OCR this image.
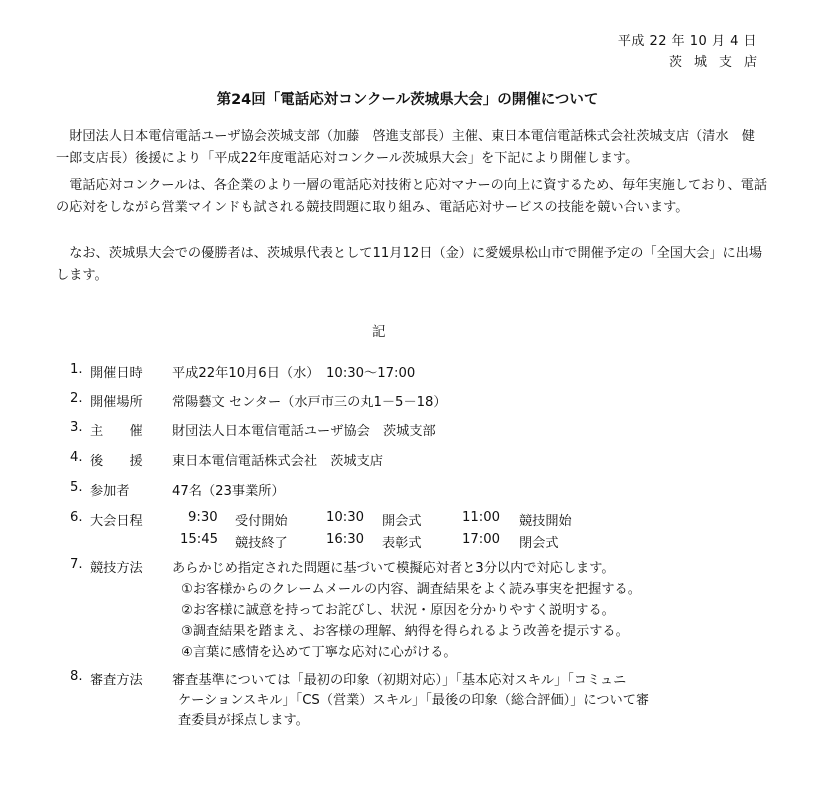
平成 22 年 10 月 4 日
茨城支店
第24回「電話応対コンクール茨城県大会」の開催について

財団法人日本電信電話ユーザ協会茨城支部（加藤　啓進支部長）主催、東日本電信電話株式会社茨城支店（清水　健一郎支店長）後援により「平成22年度電話応対コンクール茨城県大会」を下記により開催します。

電話応対コンクールは、各企業のより一層の電話応対技術と応対マナーの向上に資するため、毎年実施しており、電話の応対をしながら営業マインドも試される競技問題に取り組み、電話応対サービスの技能を競い合います。

なお、茨城県大会での優勝者は、茨城県代表として11月12日（金）に愛媛県松山市で開催予定の「全国大会」に出場します。

記
1. 開催日時 平成22年10月6日（水）　10:30～17:00
2. 開催場所 常陽藝文 センター（水戸市三の丸1－5－18）
3. 主　　催 財団法人日本電信電話ユーザ協会　茨城支部
4. 後　　援 東日本電信電話株式会社　茨城支店
5. 参加者	47名（23事業所）
6. 大会日程	9:30 受付開始	10:30 開会式	11:00 競技開始
15:45 競技終了	16:30 表彰式	17:00 閉会式
7. 競技方法 あらかじめ指定された問題に基づいて模擬応対者と3分以内で対応します。
①お客様からのクレームメールの内容、調査結果をよく読み事実を把握する。
②お客様に誠意を持ってお詫びし、状況・原因を分かりやすく説明する。
③調査結果を踏まえ、お客様の理解、納得を得られるよう改善を提示する。
④言葉に感情を込めて丁寧な応対に心がける。
8. 審査方法 審査基準については「最初の印象（初期対応）」「基本応対スキル」「コミュニ
ケーションスキル」「CS（営業）スキル」「最後の印象（総合評価）」について審
査委員が採点します。
